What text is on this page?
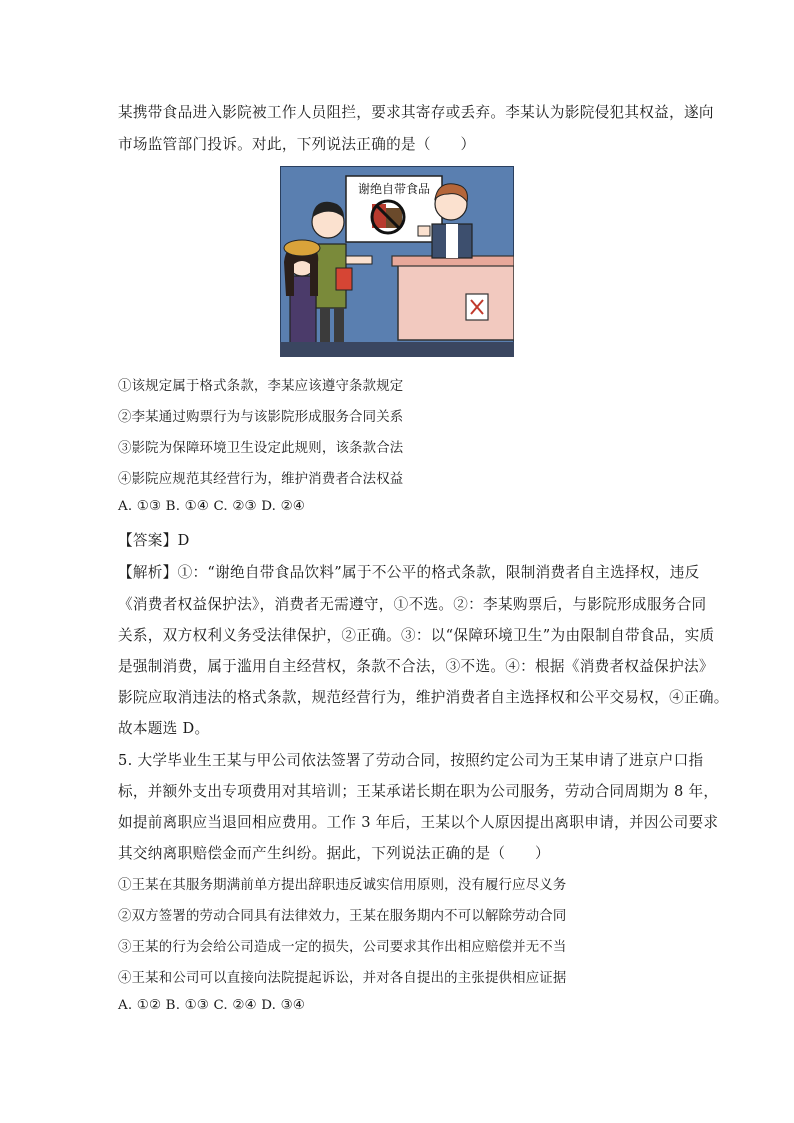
某携带食品进入影院被工作人员阻拦，要求其寄存或丢弃。李某认为影院侵犯其权益，遂向
市场监管部门投诉。对此，下列说法正确的是（　　）
谢绝自带食品
①该规定属于格式条款，李某应该遵守条款规定
②李某通过购票行为与该影院形成服务合同关系
③影院为保障环境卫生设定此规则，该条款合法
④影院应规范其经营行为，维护消费者合法权益
A. ①③ B. ①④ C. ②③ D. ②④
【答案】D
【解析】①：“谢绝自带食品饮料”属于不公平的格式条款，限制消费者自主选择权，违反
《消费者权益保护法》，消费者无需遵守，①不选。②：李某购票后，与影院形成服务合同
关系，双方权利义务受法律保护，②正确。③：以“保障环境卫生”为由限制自带食品，实质
是强制消费，属于滥用自主经营权，条款不合法，③不选。④：根据《消费者权益保护法》
影院应取消违法的格式条款，规范经营行为，维护消费者自主选择权和公平交易权，④正确。
故本题选 D。
5. 大学毕业生王某与甲公司依法签署了劳动合同，按照约定公司为王某申请了进京户口指
标，并额外支出专项费用对其培训；王某承诺长期在职为公司服务，劳动合同周期为 8 年，
如提前离职应当退回相应费用。工作 3 年后，王某以个人原因提出离职申请，并因公司要求
其交纳离职赔偿金而产生纠纷。据此，下列说法正确的是（　　）
①王某在其服务期满前单方提出辞职违反诚实信用原则，没有履行应尽义务
②双方签署的劳动合同具有法律效力，王某在服务期内不可以解除劳动合同
③王某的行为会给公司造成一定的损失，公司要求其作出相应赔偿并无不当
④王某和公司可以直接向法院提起诉讼，并对各自提出的主张提供相应证据
A. ①② B. ①③ C. ②④ D. ③④
